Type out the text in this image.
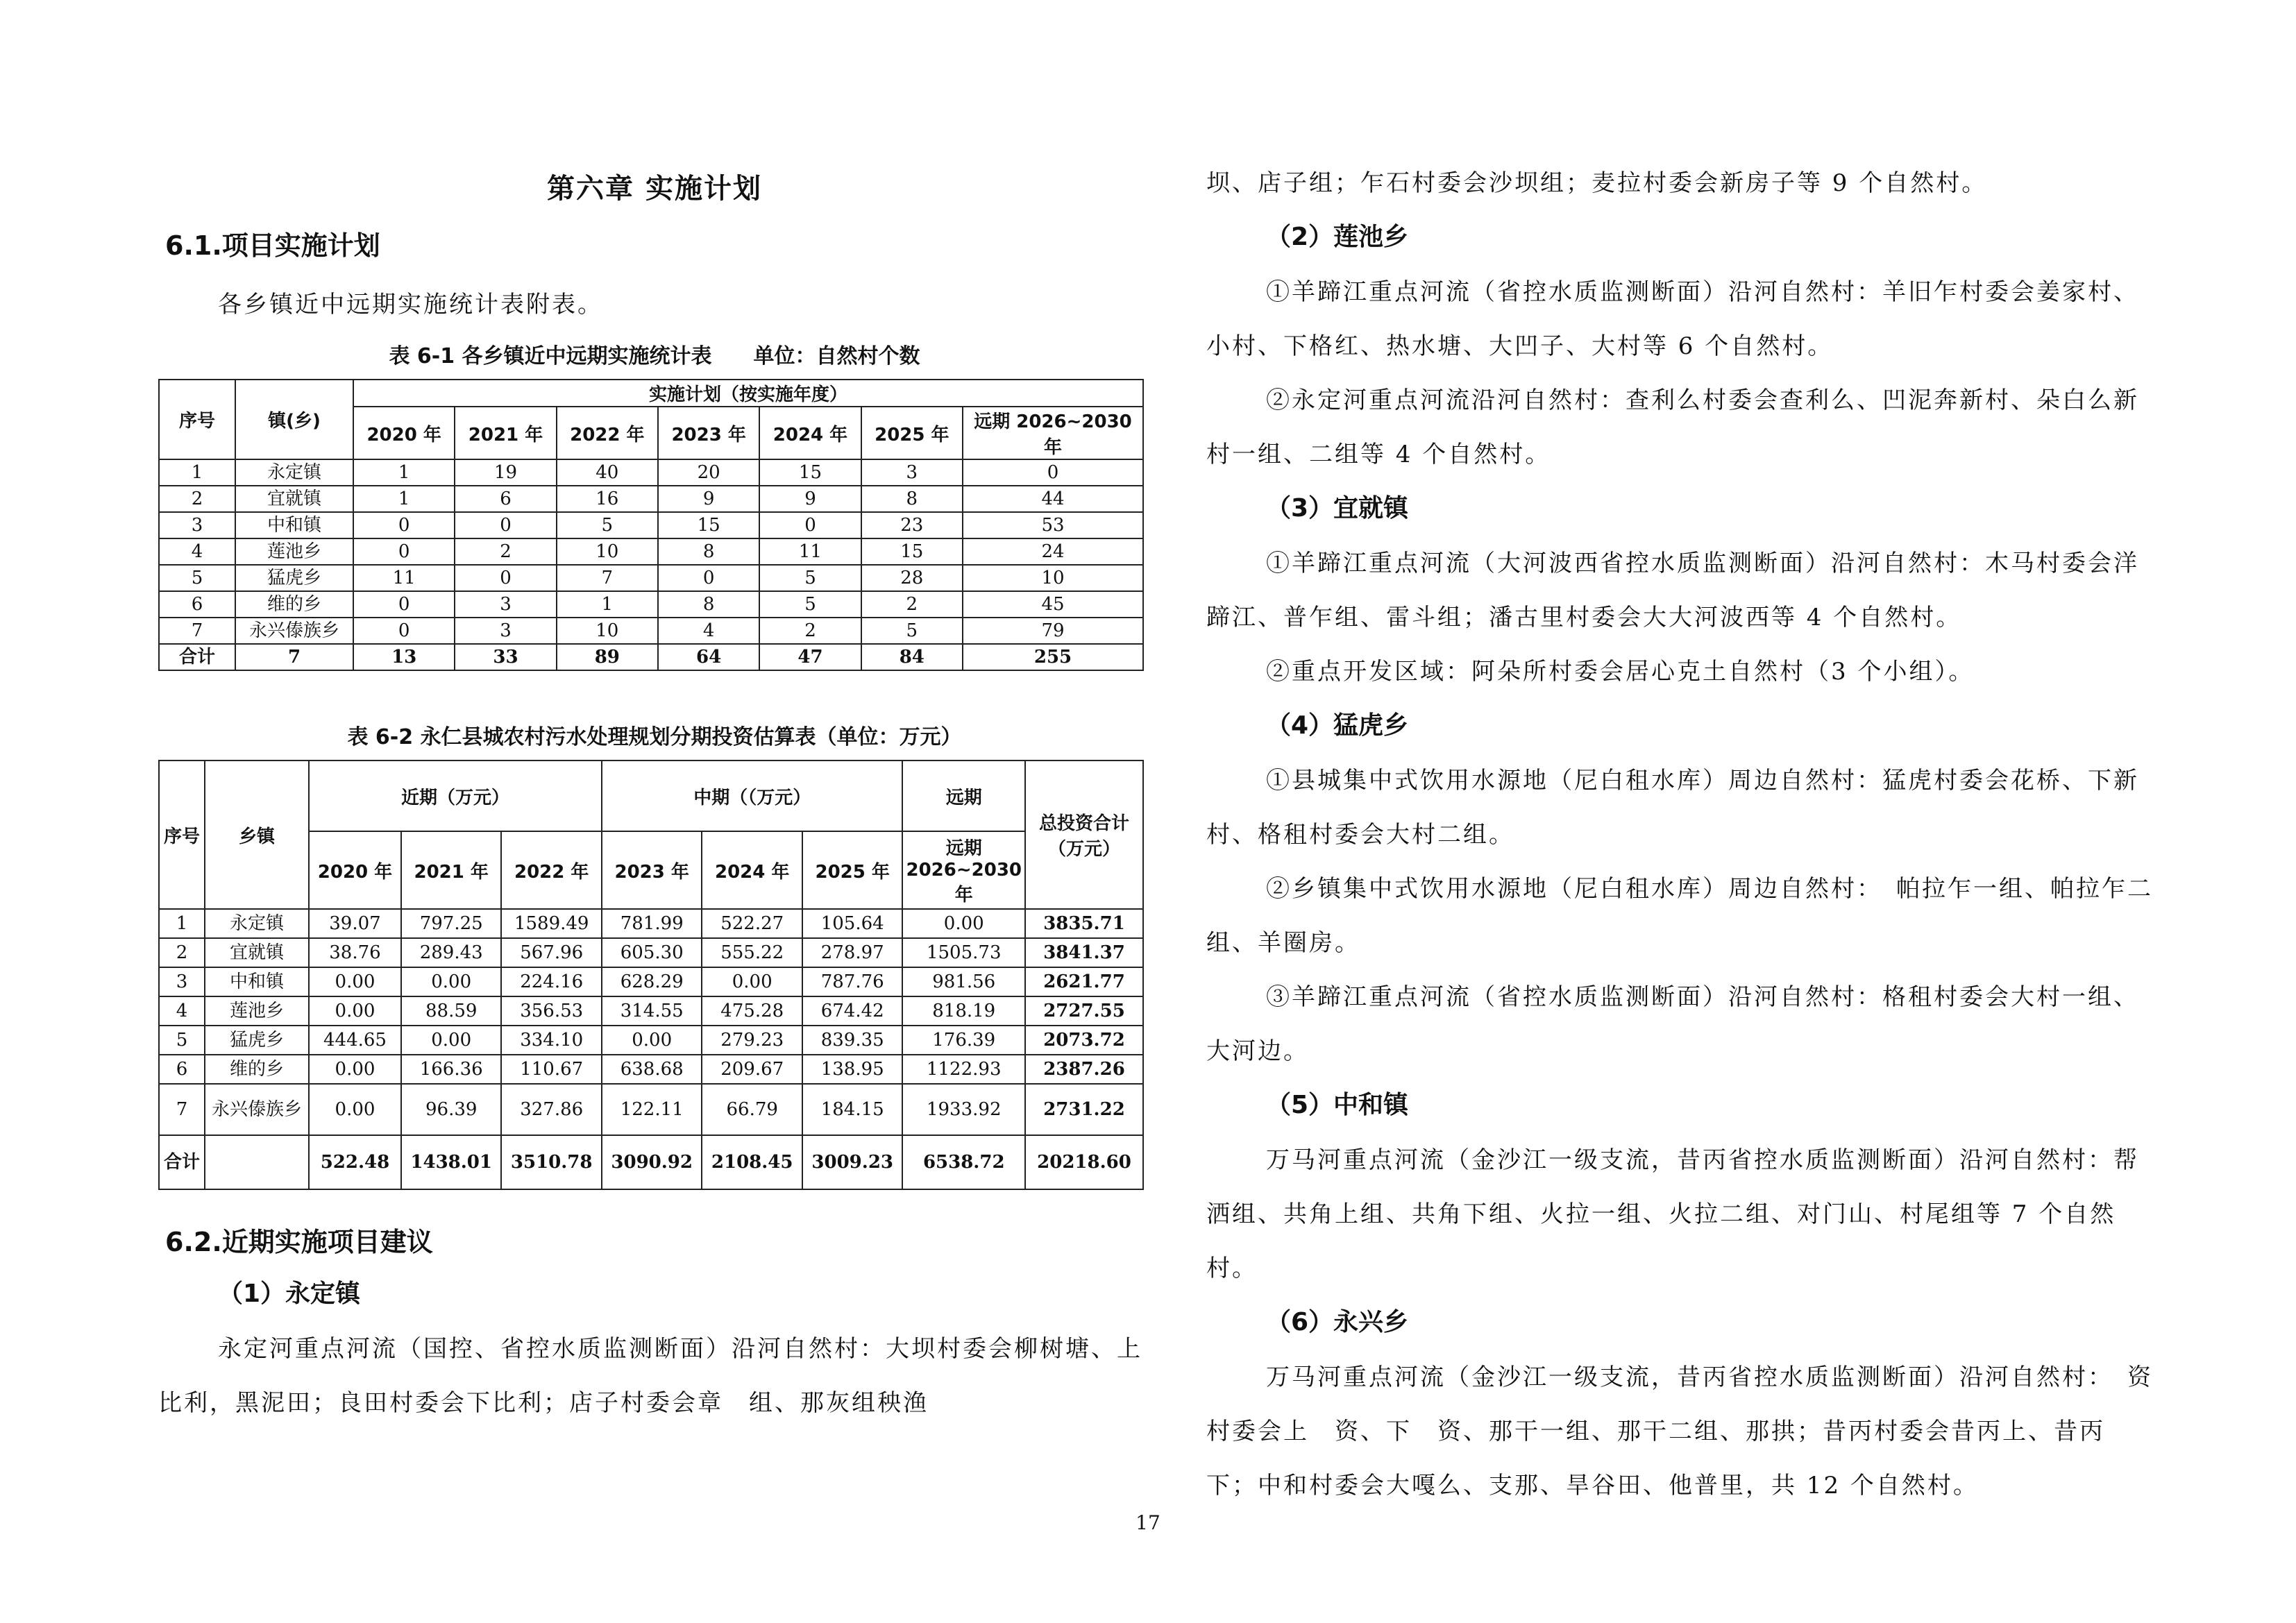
第六章 实施计划
6.1.项目实施计划

各乡镇近中远期实施统计表附表。

表 6-1 各乡镇近中远期实施统计表　　单位：自然村个数
序号	镇(乡)	实施计划（按实施年度）						
		2020 年	2021 年	2022 年	2023 年	2024 年	2025 年	远期 2026~2030 年
1	永定镇	1	19	40	20	15	3	0
2	宜就镇	1	6	16	9	9	8	44
3	中和镇	0	0	5	15	0	23	53
4	莲池乡	0	2	10	8	11	15	24
5	猛虎乡	11	0	7	0	5	28	10
6	维的乡	0	3	1	8	5	2	45
7	永兴傣族乡	0	3	10	4	2	5	79
合计	7	13	33	89	64	47	84	255
表 6-2 永仁县城农村污水处理规划分期投资估算表（单位：万元）
序号	乡镇	近期（万元）			中期（（万元）			远期	总投资合计（万元）
		2020 年	2021 年	2022 年	2023 年	2024 年	2025 年	远期 2026~2030 年	
1	永定镇	39.07	797.25	1589.49	781.99	522.27	105.64	0.00	3835.71
2	宜就镇	38.76	289.43	567.96	605.30	555.22	278.97	1505.73	3841.37
3	中和镇	0.00	0.00	224.16	628.29	0.00	787.76	981.56	2621.77
4	莲池乡	0.00	88.59	356.53	314.55	475.28	674.42	818.19	2727.55
5	猛虎乡	444.65	0.00	334.10	0.00	279.23	839.35	176.39	2073.72
6	维的乡	0.00	166.36	110.67	638.68	209.67	138.95	1122.93	2387.26
7	永兴傣族乡	0.00	96.39	327.86	122.11	66.79	184.15	1933.92	2731.22
合计		522.48	1438.01	3510.78	3090.92	2108.45	3009.23	6538.72	20218.60
6.2.近期实施项目建议
（1）永定镇

永定河重点河流（国控、省控水质监测断面）沿河自然村：大坝村委会柳树塘、上比利，黑泥田；良田村委会下比利；店子村委会章　组、那灰组秧渔

坝、店子组；乍石村委会沙坝组；麦拉村委会新房子等 9 个自然村。

（2）莲池乡

①羊蹄江重点河流（省控水质监测断面）沿河自然村：羊旧乍村委会姜家村、小村、下格红、热水塘、大凹子、大村等 6 个自然村。

②永定河重点河流沿河自然村：查利么村委会查利么、凹泥奔新村、朵白么新村一组、二组等 4 个自然村。

（3）宜就镇

①羊蹄江重点河流（大河波西省控水质监测断面）沿河自然村：木马村委会洋蹄江、普乍组、雷斗组；潘古里村委会大大河波西等 4 个自然村。

②重点开发区域：阿朵所村委会居心克土自然村（3 个小组）。

（4）猛虎乡

①县城集中式饮用水源地（尼白租水库）周边自然村：猛虎村委会花桥、下新村、格租村委会大村二组。

②乡镇集中式饮用水源地（尼白租水库）周边自然村：　帕拉乍一组、帕拉乍二组、羊圈房。

③羊蹄江重点河流（省控水质监测断面）沿河自然村：格租村委会大村一组、大河边。

（5）中和镇

万马河重点河流（金沙江一级支流，昔丙省控水质监测断面）沿河自然村：帮洒组、共角上组、共角下组、火拉一组、火拉二组、对门山、村尾组等 7 个自然村。

（6）永兴乡

万马河重点河流（金沙江一级支流，昔丙省控水质监测断面）沿河自然村：　资村委会上　资、下　资、那干一组、那干二组、那拱；昔丙村委会昔丙上、昔丙下；中和村委会大嘎么、支那、旱谷田、他普里，共 12 个自然村。

17
